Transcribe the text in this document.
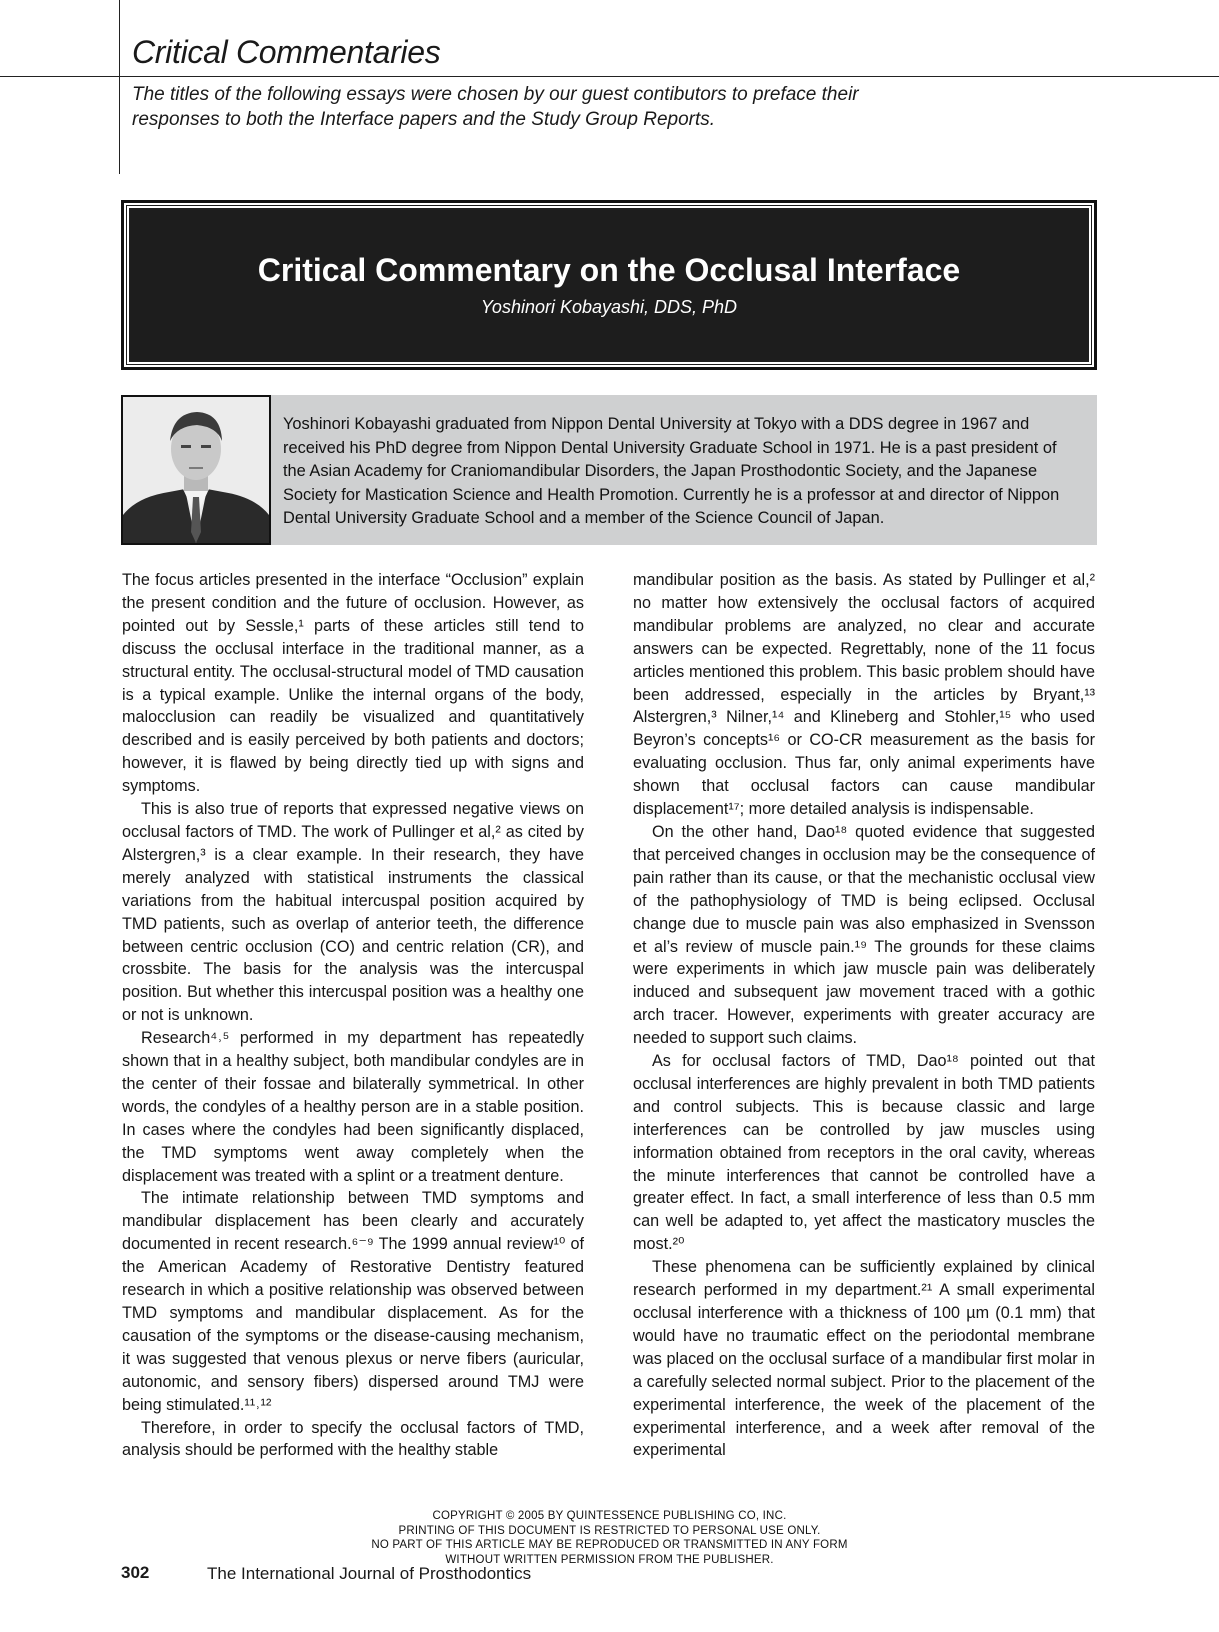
Critical Commentaries
The titles of the following essays were chosen by our guest contibutors to preface their responses to both the Interface papers and the Study Group Reports.
Critical Commentary on the Occlusal Interface
Yoshinori Kobayashi, DDS, PhD
Yoshinori Kobayashi graduated from Nippon Dental University at Tokyo with a DDS degree in 1967 and received his PhD degree from Nippon Dental University Graduate School in 1971. He is a past president of the Asian Academy for Craniomandibular Disorders, the Japan Prosthodontic Society, and the Japanese Society for Mastication Science and Health Promotion. Currently he is a professor at and director of Nippon Dental University Graduate School and a member of the Science Council of Japan.

The focus articles presented in the interface “Occlusion” explain the present condition and the future of occlusion. However, as pointed out by Sessle,¹ parts of these articles still tend to discuss the occlusal interface in the traditional manner, as a structural entity. The occlusal-structural model of TMD causation is a typical example. Unlike the internal organs of the body, malocclusion can readily be visualized and quantitatively described and is easily perceived by both patients and doctors; however, it is flawed by being directly tied up with signs and symptoms.

This is also true of reports that expressed negative views on occlusal factors of TMD. The work of Pullinger et al,² as cited by Alstergren,³ is a clear example. In their research, they have merely analyzed with statistical instruments the classical variations from the habitual intercuspal position acquired by TMD patients, such as overlap of anterior teeth, the difference between centric occlusion (CO) and centric relation (CR), and crossbite. The basis for the analysis was the intercuspal position. But whether this intercuspal position was a healthy one or not is unknown.

Research⁴˒⁵ performed in my department has repeatedly shown that in a healthy subject, both mandibular condyles are in the center of their fossae and bilaterally symmetrical. In other words, the condyles of a healthy person are in a stable position. In cases where the condyles had been significantly displaced, the TMD symptoms went away completely when the displacement was treated with a splint or a treatment denture.

The intimate relationship between TMD symptoms and mandibular displacement has been clearly and accurately documented in recent research.⁶⁻⁹ The 1999 annual review¹⁰ of the American Academy of Restorative Dentistry featured research in which a positive relationship was observed between TMD symptoms and mandibular displacement. As for the causation of the symptoms or the disease-causing mechanism, it was suggested that venous plexus or nerve fibers (auricular, autonomic, and sensory fibers) dispersed around TMJ were being stimulated.¹¹˒¹²

Therefore, in order to specify the occlusal factors of TMD, analysis should be performed with the healthy stable

mandibular position as the basis. As stated by Pullinger et al,² no matter how extensively the occlusal factors of acquired mandibular problems are analyzed, no clear and accurate answers can be expected. Regrettably, none of the 11 focus articles mentioned this problem. This basic problem should have been addressed, especially in the articles by Bryant,¹³ Alstergren,³ Nilner,¹⁴ and Klineberg and Stohler,¹⁵ who used Beyron’s concepts¹⁶ or CO-CR measurement as the basis for evaluating occlusion. Thus far, only animal experiments have shown that occlusal factors can cause mandibular displacement¹⁷; more detailed analysis is indispensable.

On the other hand, Dao¹⁸ quoted evidence that suggested that perceived changes in occlusion may be the consequence of pain rather than its cause, or that the mechanistic occlusal view of the pathophysiology of TMD is being eclipsed. Occlusal change due to muscle pain was also emphasized in Svensson et al’s review of muscle pain.¹⁹ The grounds for these claims were experiments in which jaw muscle pain was deliberately induced and subsequent jaw movement traced with a gothic arch tracer. However, experiments with greater accuracy are needed to support such claims.

As for occlusal factors of TMD, Dao¹⁸ pointed out that occlusal interferences are highly prevalent in both TMD patients and control subjects. This is because classic and large interferences can be controlled by jaw muscles using information obtained from receptors in the oral cavity, whereas the minute interferences that cannot be controlled have a greater effect. In fact, a small interference of less than 0.5 mm can well be adapted to, yet affect the masticatory muscles the most.²⁰

These phenomena can be sufficiently explained by clinical research performed in my department.²¹ A small experimental occlusal interference with a thickness of 100 µm (0.1 mm) that would have no traumatic effect on the periodontal membrane was placed on the occlusal surface of a mandibular first molar in a carefully selected normal subject. Prior to the placement of the experimental interference, the week of the placement of the experimental interference, and a week after removal of the experimental

COPYRIGHT © 2005 BY QUINTESSENCE PUBLISHING CO, INC.
PRINTING OF THIS DOCUMENT IS RESTRICTED TO PERSONAL USE ONLY.
NO PART OF THIS ARTICLE MAY BE REPRODUCED OR TRANSMITTED IN ANY FORM
WITHOUT WRITTEN PERMISSION FROM THE PUBLISHER.
302	The International Journal of Prosthodontics
